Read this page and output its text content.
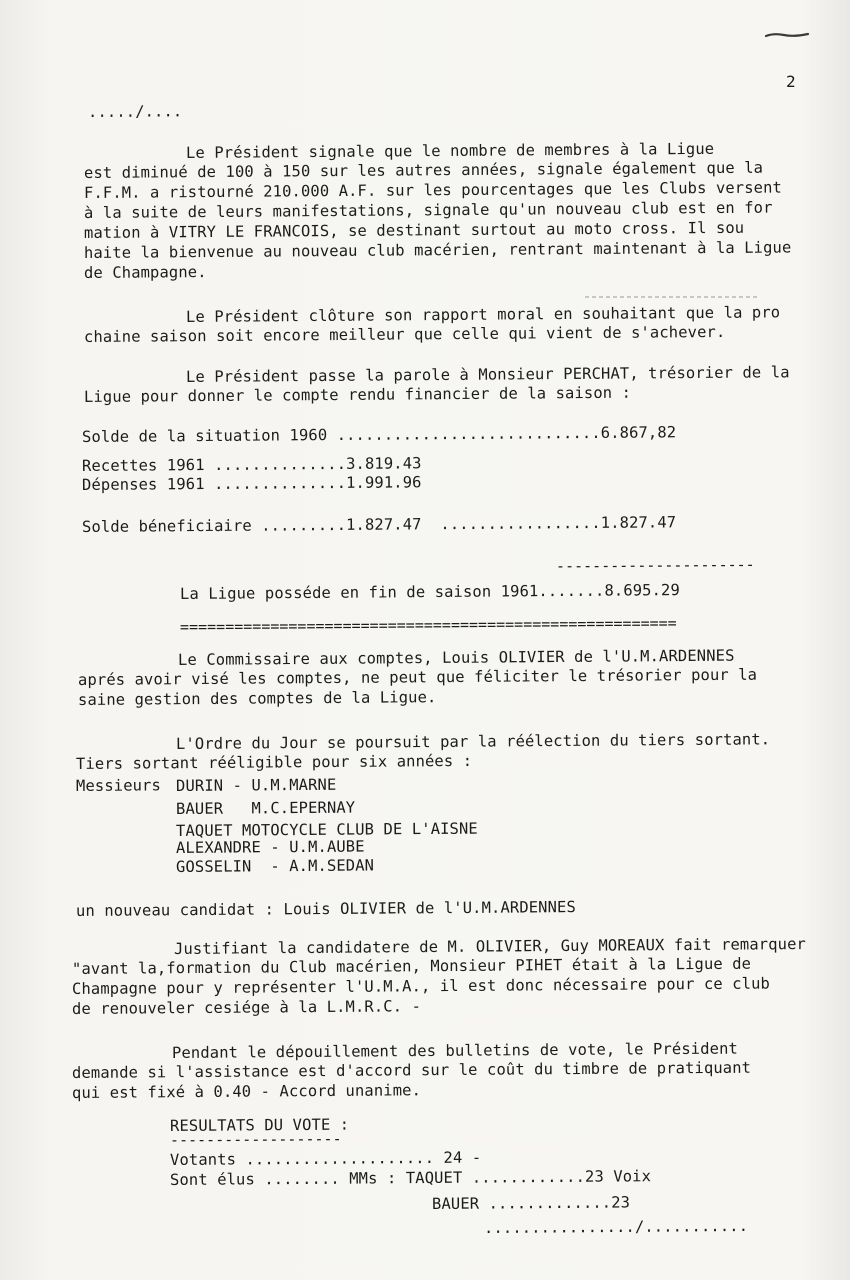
2
...../....
Le Président signale que le nombre de membres à la Ligue
est diminué de 100 à 150 sur les autres années, signale également que la
F.F.M. a ristourné 210.000 A.F. sur les pourcentages que les Clubs versent
à la suite de leurs manifestations, signale qu'un nouveau club est en for
mation à VITRY LE FRANCOIS, se destinant surtout au moto cross. Il sou
haite la bienvenue au nouveau club macérien, rentrant maintenant à la Ligue
de Champagne.
Le Président clôture son rapport moral en souhaitant que la pro
chaine saison soit encore meilleur que celle qui vient de s'achever.
Le Président passe la parole à Monsieur PERCHAT, trésorier de la
Ligue pour donner le compte rendu financier de la saison :
Solde de la situation 1960 ............................6.867,82
Recettes 1961 ..............3.819.43
Dépenses 1961 ..............1.991.96
Solde béneficiaire .........1.827.47  .................1.827.47
----------------------
La Ligue posséde en fin de saison 1961.......8.695.29
=======================================================
Le Commissaire aux comptes, Louis OLIVIER de l'U.M.ARDENNES
aprés avoir visé les comptes, ne peut que féliciter le trésorier pour la
saine gestion des comptes de la Ligue.
L'Ordre du Jour se poursuit par la réélection du tiers sortant.
Tiers sortant rééligible pour six années :
Messieurs DURIN - U.M.MARNE
BAUER   M.C.EPERNAY
TAQUET MOTOCYCLE CLUB DE L'AISNE
ALEXANDRE - U.M.AUBE
GOSSELIN  - A.M.SEDAN
un nouveau candidat : Louis OLIVIER de l'U.M.ARDENNES
Justifiant la candidatere de M. OLIVIER, Guy MOREAUX fait remarquer
"avant la,formation du Club macérien, Monsieur PIHET était à la Ligue de
Champagne pour y représenter l'U.M.A., il est donc nécessaire pour ce club
de renouveler cesiége à la L.M.R.C. -
Pendant le dépouillement des bulletins de vote, le Président
demande si l'assistance est d'accord sur le coût du timbre de pratiquant
qui est fixé à 0.40 - Accord unanime.
RESULTATS DU VOTE :
-------------------
Votants .................... 24 -
Sont élus ........ MMs : TAQUET ............23 Voix
BAUER .............23
................/...........
